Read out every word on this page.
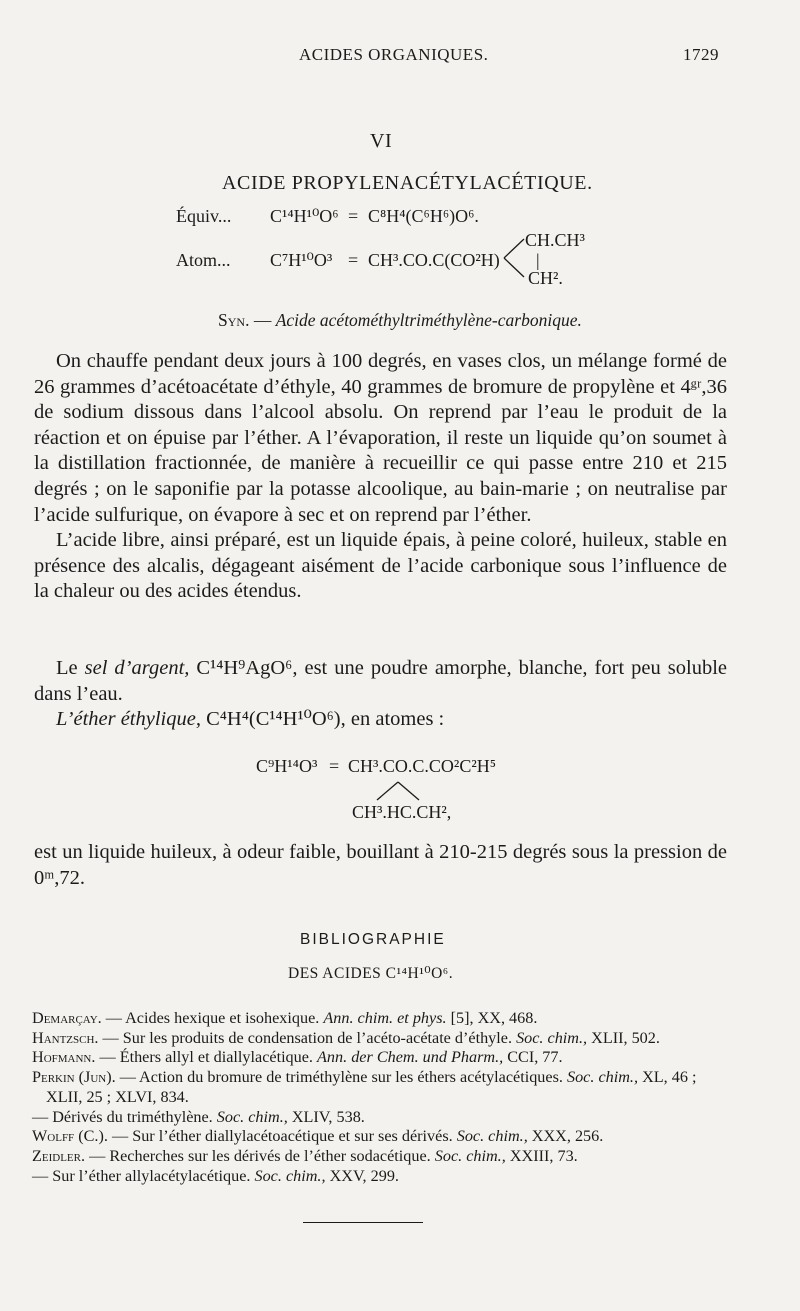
ACIDES ORGANIQUES.	1729
VI
ACIDE PROPYLENACÉTYLACÉTIQUE.
Équiv... C¹⁴H¹⁰O⁶ = C⁸H⁴(C⁶H⁶)O⁶.
CH.CH³
Atom... C⁷H¹⁰O³ = CH³.CO.C(CO²H) |
CH².
Syn. — Acide acétométhyltriméthylène-carbonique.

On chauffe pendant deux jours à 100 degrés, en vases clos, un mélange formé de 26 grammes d’acétoacétate d’éthyle, 40 grammes de bromure de propylène et 4ᵍʳ,36 de sodium dissous dans l’alcool absolu. On reprend par l’eau le produit de la réaction et on épuise par l’éther. A l’évaporation, il reste un liquide qu’on soumet à la distillation fractionnée, de manière à recueillir ce qui passe entre 210 et 215 degrés ; on le saponifie par la potasse alcoolique, au bain-marie ; on neutralise par l’acide sulfurique, on évapore à sec et on reprend par l’éther.

L’acide libre, ainsi préparé, est un liquide épais, à peine coloré, huileux, stable en présence des alcalis, dégageant aisément de l’acide carbonique sous l’influence de la chaleur ou des acides étendus.

Le sel d’argent, C¹⁴H⁹AgO⁶, est une poudre amorphe, blanche, fort peu soluble dans l’eau.

L’éther éthylique, C⁴H⁴(C¹⁴H¹⁰O⁶), en atomes :

C⁹H¹⁴O³ = CH³.CO.C.CO²C²H⁵
CH³.HC.CH²,

est un liquide huileux, à odeur faible, bouillant à 210-215 degrés sous la pression de 0ᵐ,72.

BIBLIOGRAPHIE
DES ACIDES C¹⁴H¹⁰O⁶.

Demarçay. — Acides hexique et isohexique. Ann. chim. et phys. [5], XX, 468.

Hantzsch. — Sur les produits de condensation de l’acéto-acétate d’éthyle. Soc. chim., XLII, 502.

Hofmann. — Éthers allyl et diallylacétique. Ann. der Chem. und Pharm., CCI, 77.

Perkin (Jun). — Action du bromure de triméthylène sur les éthers acétylacétiques. Soc. chim., XL, 46 ; XLII, 25 ; XLVI, 834.

— Dérivés du triméthylène. Soc. chim., XLIV, 538.

Wolff (C.). — Sur l’éther diallylacétoacétique et sur ses dérivés. Soc. chim., XXX, 256.

Zeidler. — Recherches sur les dérivés de l’éther sodacétique. Soc. chim., XXIII, 73.

— Sur l’éther allylacétylacétique. Soc. chim., XXV, 299.
